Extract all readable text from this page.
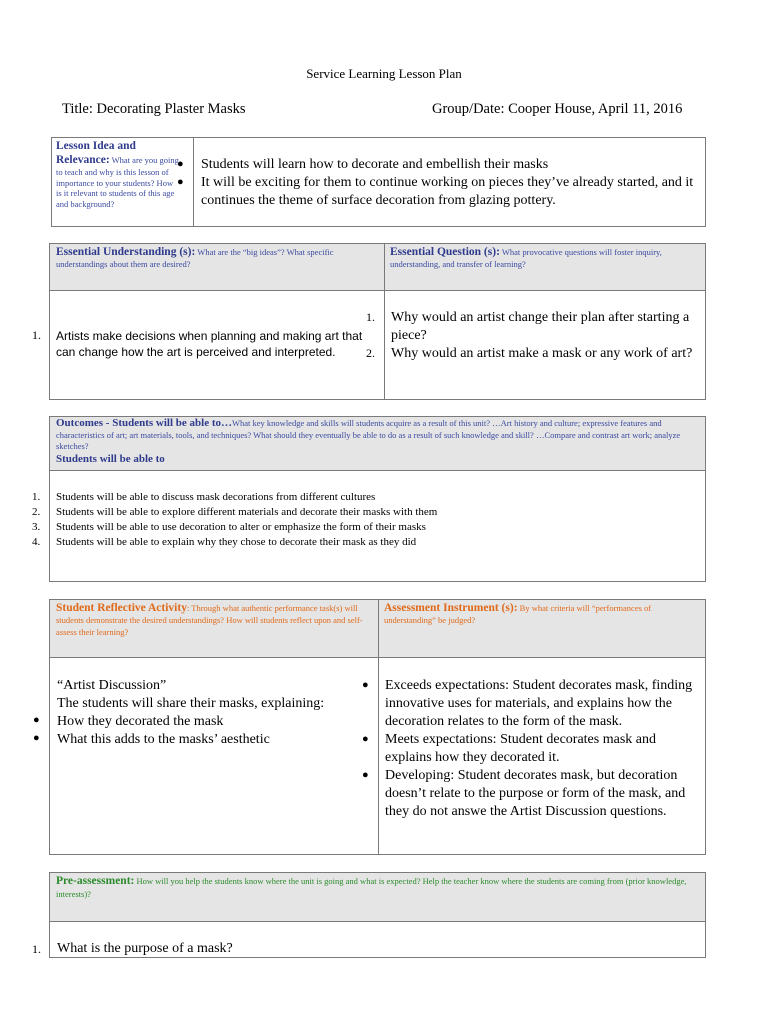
Service Learning Lesson Plan
Title: Decorating Plaster Masks	Group/Date: Cooper House, April 11, 2016
Lesson Idea and Relevance: What are you going to teach and why is this lesson of importance to your students? How is it relevant to students of this age and background?
●
●
Students will learn how to decorate and embellish their masks
It will be exciting for them to continue working on pieces they’ve already started, and it continues the theme of surface decoration from glazing pottery.
Essential Understanding (s): What are the “big ideas”? What specific understandings about them are desired?
Essential Question (s): What provocative questions will foster inquiry, understanding, and transfer of learning?
1. Artists make decisions when planning and making art that can change how the art is perceived and interpreted.
1. Why would an artist change their plan after starting a piece?
2. Why would an artist make a mask or any work of art?
Outcomes - Students will be able to…What key knowledge and skills will students acquire as a result of this unit? …Art history and culture; expressive features and characteristics of art; art materials, tools, and techniques? What should they eventually be able to do as a result of such knowledge and skill? …Compare and contrast art work; analyze sketches?
Students will be able to
1. Students will be able to discuss mask decorations from different cultures
2. Students will be able to explore different materials and decorate their masks with them
3. Students will be able to use decoration to alter or emphasize the form of their masks
4. Students will be able to explain why they chose to decorate their mask as they did
Student Reflective Activity: Through what authentic performance task(s) will students demonstrate the desired understandings? How will students reflect upon and self-assess their learning?
Assessment Instrument (s): By what criteria will “performances of understanding” be judged?
“Artist Discussion”
The students will share their masks, explaining:
● How they decorated the mask
● What this adds to the masks’ aesthetic
● Exceeds expectations: Student decorates mask, finding innovative uses for materials, and explains how the decoration relates to the form of the mask.
● Meets expectations: Student decorates mask and explains how they decorated it.
● Developing: Student decorates mask, but decoration doesn’t relate to the purpose or form of the mask, and they do not answe the Artist Discussion questions.
Pre-assessment: How will you help the students know where the unit is going and what is expected? Help the teacher know where the students are coming from (prior knowledge, interests)?
1. What is the purpose of a mask?
